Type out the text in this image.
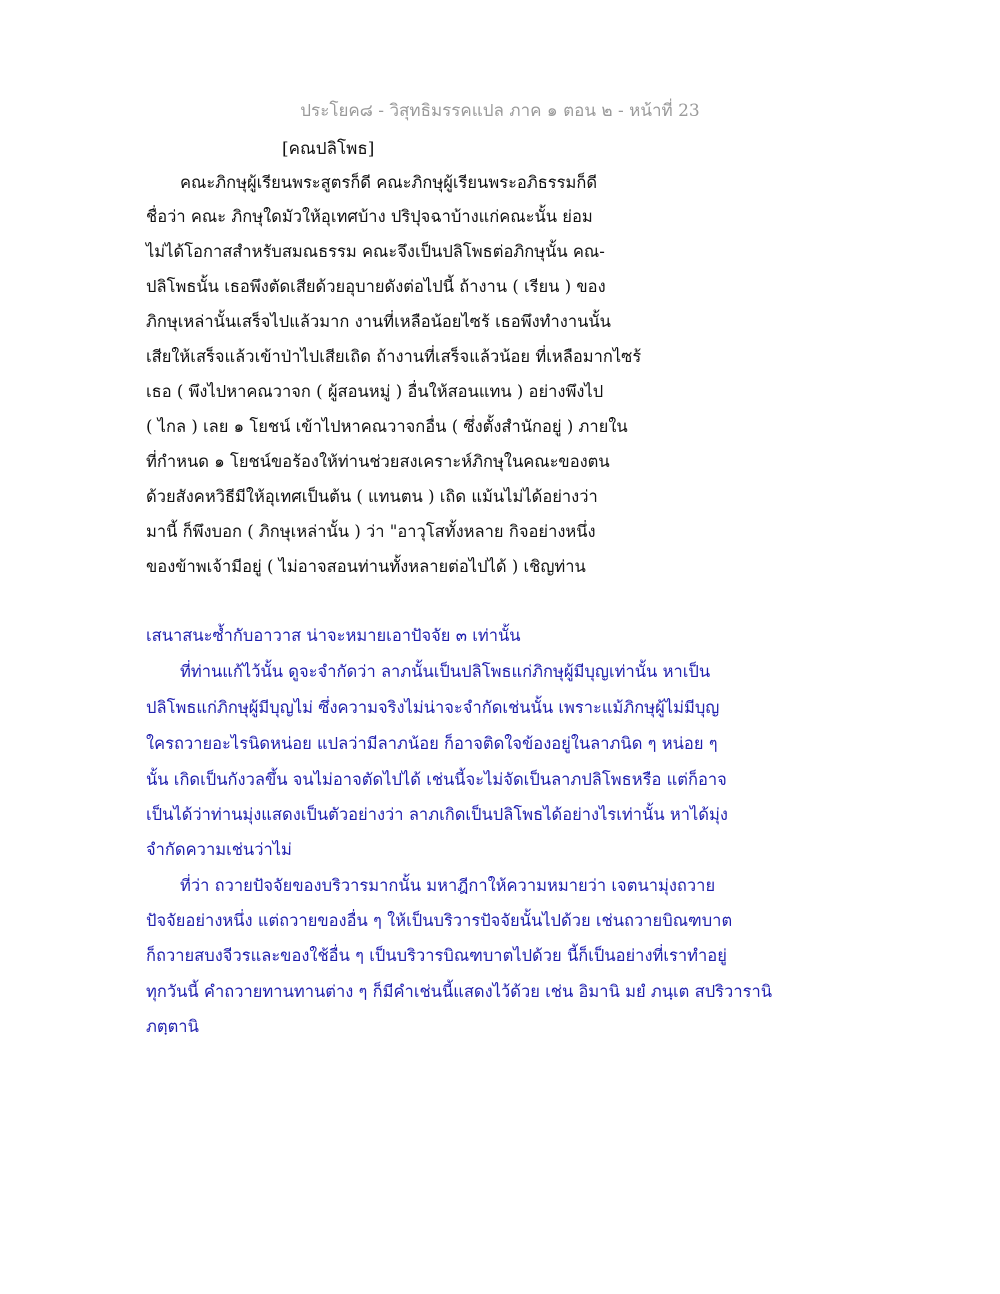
ประโยค๘ - วิสุทธิมรรคแปล ภาค ๑ ตอน ๒ - หน้าที่ 23
[คณปลิโพธ]
คณะภิกษุผู้เรียนพระสูตรก็ดี คณะภิกษุผู้เรียนพระอภิธรรมก็ดี
ชื่อว่า คณะ ภิกษุใดมัวให้อุเทศบ้าง ปริปุจฉาบ้างแก่คณะนั้น ย่อม
ไม่ได้โอกาสสำหรับสมณธรรม คณะจึงเป็นปลิโพธต่อภิกษุนั้น คณ-
ปลิโพธนั้น เธอพึงตัดเสียด้วยอุบายดังต่อไปนี้ ถ้างาน ( เรียน ) ของ
ภิกษุเหล่านั้นเสร็จไปแล้วมาก งานที่เหลือน้อยไซร้ เธอพึงทำงานนั้น
เสียให้เสร็จแล้วเข้าป่าไปเสียเถิด ถ้างานที่เสร็จแล้วน้อย ที่เหลือมากไซร้
เธอ ( พึงไปหาคณวาจก ( ผู้สอนหมู่ ) อื่นให้สอนแทน ) อย่างพึงไป
( ไกล ) เลย ๑ โยชน์ เข้าไปหาคณวาจกอื่น ( ซึ่งตั้งสำนักอยู่ ) ภายใน
ที่กำหนด ๑ โยชน์ขอร้องให้ท่านช่วยสงเคราะห์ภิกษุในคณะของตน
ด้วยสังคหวิธีมีให้อุเทศเป็นต้น ( แทนตน ) เถิด แม้นไม่ได้อย่างว่า
มานี้ ก็พึงบอก ( ภิกษุเหล่านั้น ) ว่า "อาวุโสทั้งหลาย กิจอย่างหนึ่ง
ของข้าพเจ้ามีอยู่ ( ไม่อาจสอนท่านทั้งหลายต่อไปได้ ) เชิญท่าน
เสนาสนะซ้ำกับอาวาส น่าจะหมายเอาปัจจัย ๓ เท่านั้น
ที่ท่านแก้ไว้นั้น ดูจะจำกัดว่า ลาภนั้นเป็นปลิโพธแก่ภิกษุผู้มีบุญเท่านั้น หาเป็น
ปลิโพธแก่ภิกษุผู้มีบุญไม่ ซึ่งความจริงไม่น่าจะจำกัดเช่นนั้น เพราะแม้ภิกษุผู้ไม่มีบุญ
ใครถวายอะไรนิดหน่อย แปลว่ามีลาภน้อย ก็อาจติดใจข้องอยู่ในลาภนิด ๆ หน่อย ๆ
นั้น เกิดเป็นกังวลขึ้น จนไม่อาจตัดไปได้ เช่นนี้จะไม่จัดเป็นลาภปลิโพธหรือ แต่ก็อาจ
เป็นได้ว่าท่านมุ่งแสดงเป็นตัวอย่างว่า ลาภเกิดเป็นปลิโพธได้อย่างไรเท่านั้น หาได้มุ่ง
จำกัดความเช่นว่าไม่
ที่ว่า ถวายปัจจัยของบริวารมากนั้น มหาฎีกาให้ความหมายว่า เจตนามุ่งถวาย
ปัจจัยอย่างหนึ่ง แต่ถวายของอื่น ๆ ให้เป็นบริวารปัจจัยนั้นไปด้วย เช่นถวายบิณฑบาต
ก็ถวายสบงจีวรและของใช้อื่น ๆ เป็นบริวารบิณฑบาตไปด้วย นี้ก็เป็นอย่างที่เราทำอยู่
ทุกวันนี้ คำถวายทานทานต่าง ๆ ก็มีคำเช่นนี้แสดงไว้ด้วย เช่น อิมานิ มยํ ภนฺเต สปริวารานิ
ภตฺตานิ
